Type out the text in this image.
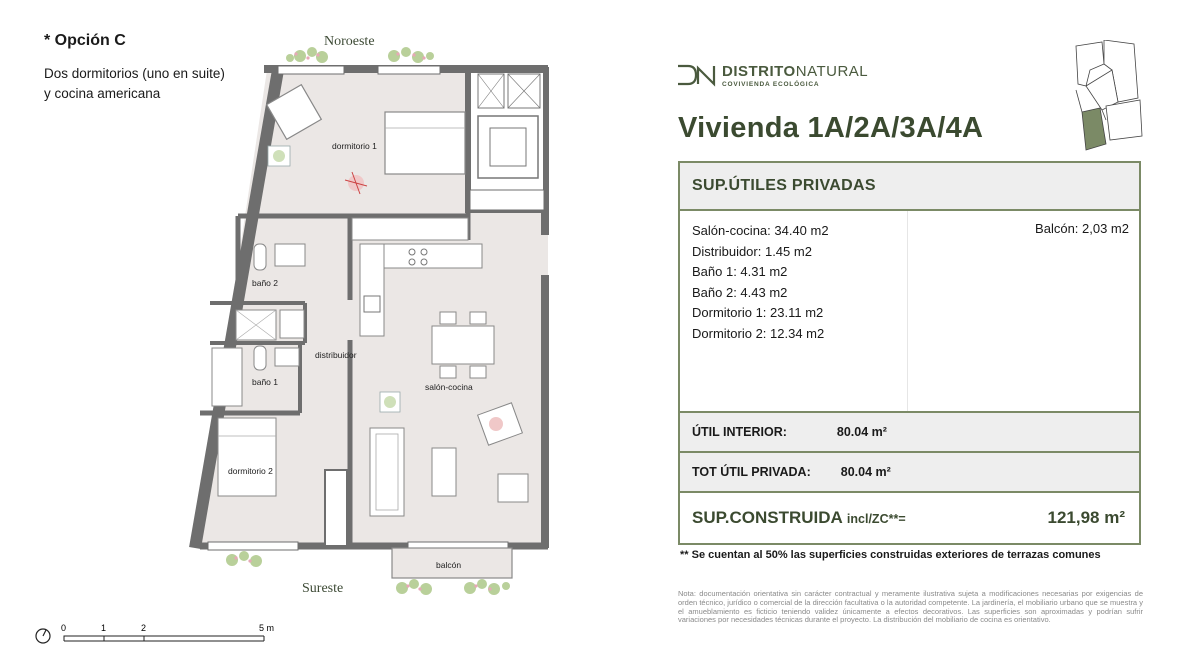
* Opción C
Dos dormitorios (uno en suite) y cocina americana
dormitorio 1
baño 2
baño 1
distribuidor
salón-cocina
dormitorio 2
balcón
Noroeste
Sureste
0	1	2	5 m
DISTRITONATURAL
COVIVIENDA ECOLÓGICA
Vivienda 1A/2A/3A/4A
SUP.ÚTILES PRIVADAS
Salón-cocina: 34.40 m2
Distribuidor: 1.45 m2
Baño 1: 4.31 m2
Baño 2: 4.43 m2
Dormitorio 1: 23.11 m2
Dormitorio 2: 12.34 m2
Balcón: 2,03 m2
ÚTIL INTERIOR:	80.04 m²
TOT ÚTIL PRIVADA: 80.04 m²
SUP.CONSTRUIDA incl/ZC**=	121,98 m²
** Se cuentan al 50% las superficies construidas exteriores de terrazas comunes
Nota: documentación orientativa sin carácter contractual y meramente ilustrativa sujeta a modificaciones necesarias por exigencias de orden técnico, jurídico o comercial de la dirección facultativa o la autoridad competente. La jardinería, el mobiliario urbano que se muestra y el amueblamiento es ficticio teniendo validez únicamente a efectos decorativos. Las superficies son aproximadas y podrían sufrir variaciones por necesidades técnicas durante el proyecto. La distribución del mobiliario de cocina es orientativo.
